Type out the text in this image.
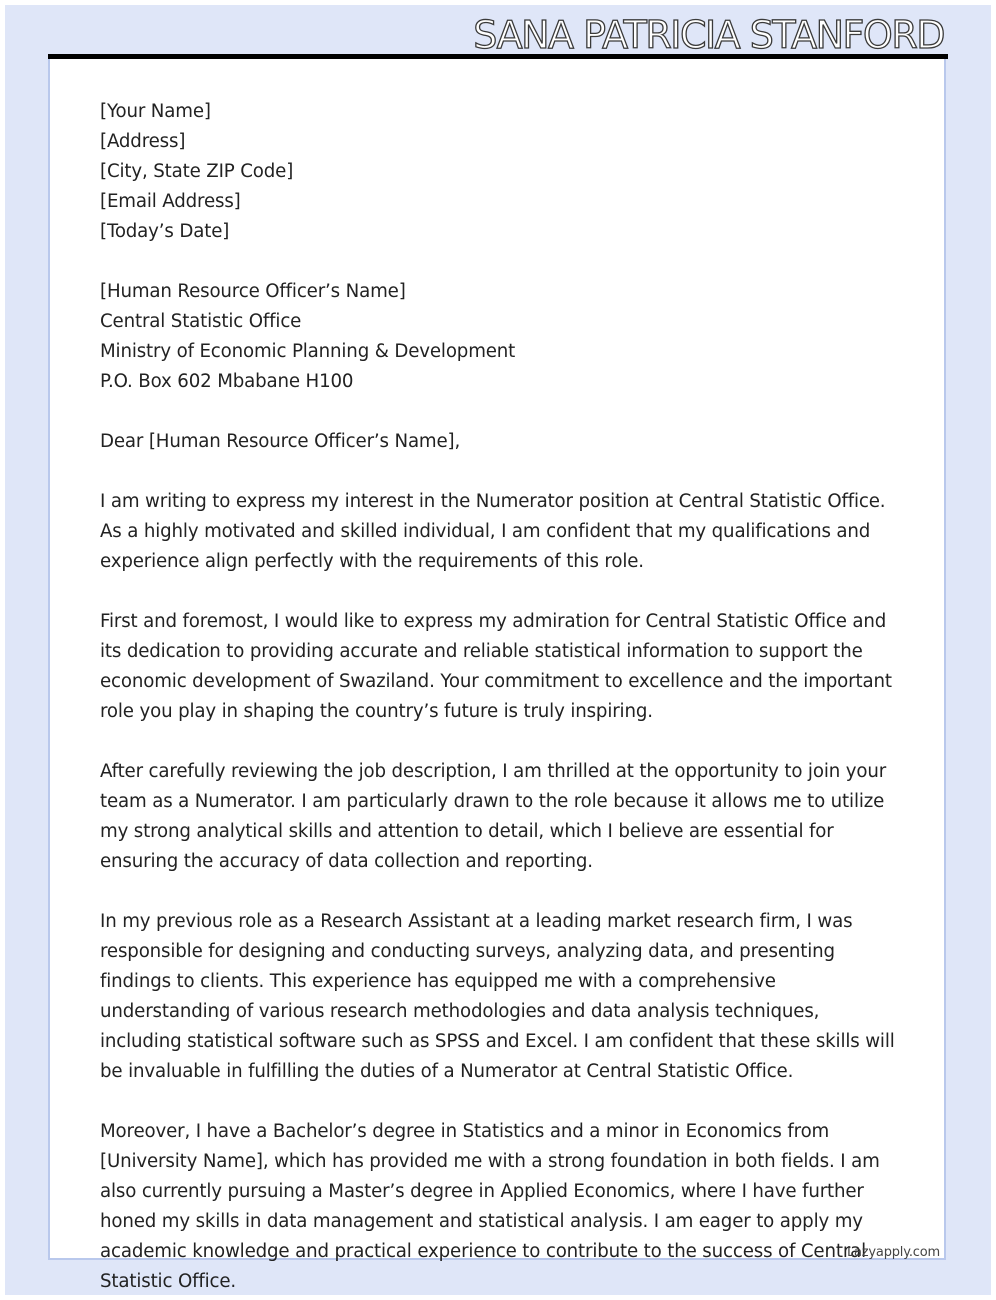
SANA PATRICIA STANFORD

[Your Name]

[Address]

[City, State ZIP Code]

[Email Address]

[Today’s Date]

[Human Resource Officer’s Name]

Central Statistic Office

Ministry of Economic Planning & Development

P.O. Box 602 Mbabane H100

Dear [Human Resource Officer’s Name],

I am writing to express my interest in the Numerator position at Central Statistic Office. As a highly motivated and skilled individual, I am confident that my qualifications and experience align perfectly with the requirements of this role.

First and foremost, I would like to express my admiration for Central Statistic Office and its dedication to providing accurate and reliable statistical information to support the economic development of Swaziland. Your commitment to excellence and the important role you play in shaping the country’s future is truly inspiring.

After carefully reviewing the job description, I am thrilled at the opportunity to join your team as a Numerator. I am particularly drawn to the role because it allows me to utilize my strong analytical skills and attention to detail, which I believe are essential for ensuring the accuracy of data collection and reporting.

In my previous role as a Research Assistant at a leading market research firm, I was responsible for designing and conducting surveys, analyzing data, and presenting findings to clients. This experience has equipped me with a comprehensive understanding of various research methodologies and data analysis techniques, including statistical software such as SPSS and Excel. I am confident that these skills will be invaluable in fulfilling the duties of a Numerator at Central Statistic Office.

Moreover, I have a Bachelor’s degree in Statistics and a minor in Economics from [University Name], which has provided me with a strong foundation in both fields. I am also currently pursuing a Master’s degree in Applied Economics, where I have further honed my skills in data management and statistical analysis. I am eager to apply my academic knowledge and practical experience to contribute to the success of Central Statistic Office.

Lazyapply.com
